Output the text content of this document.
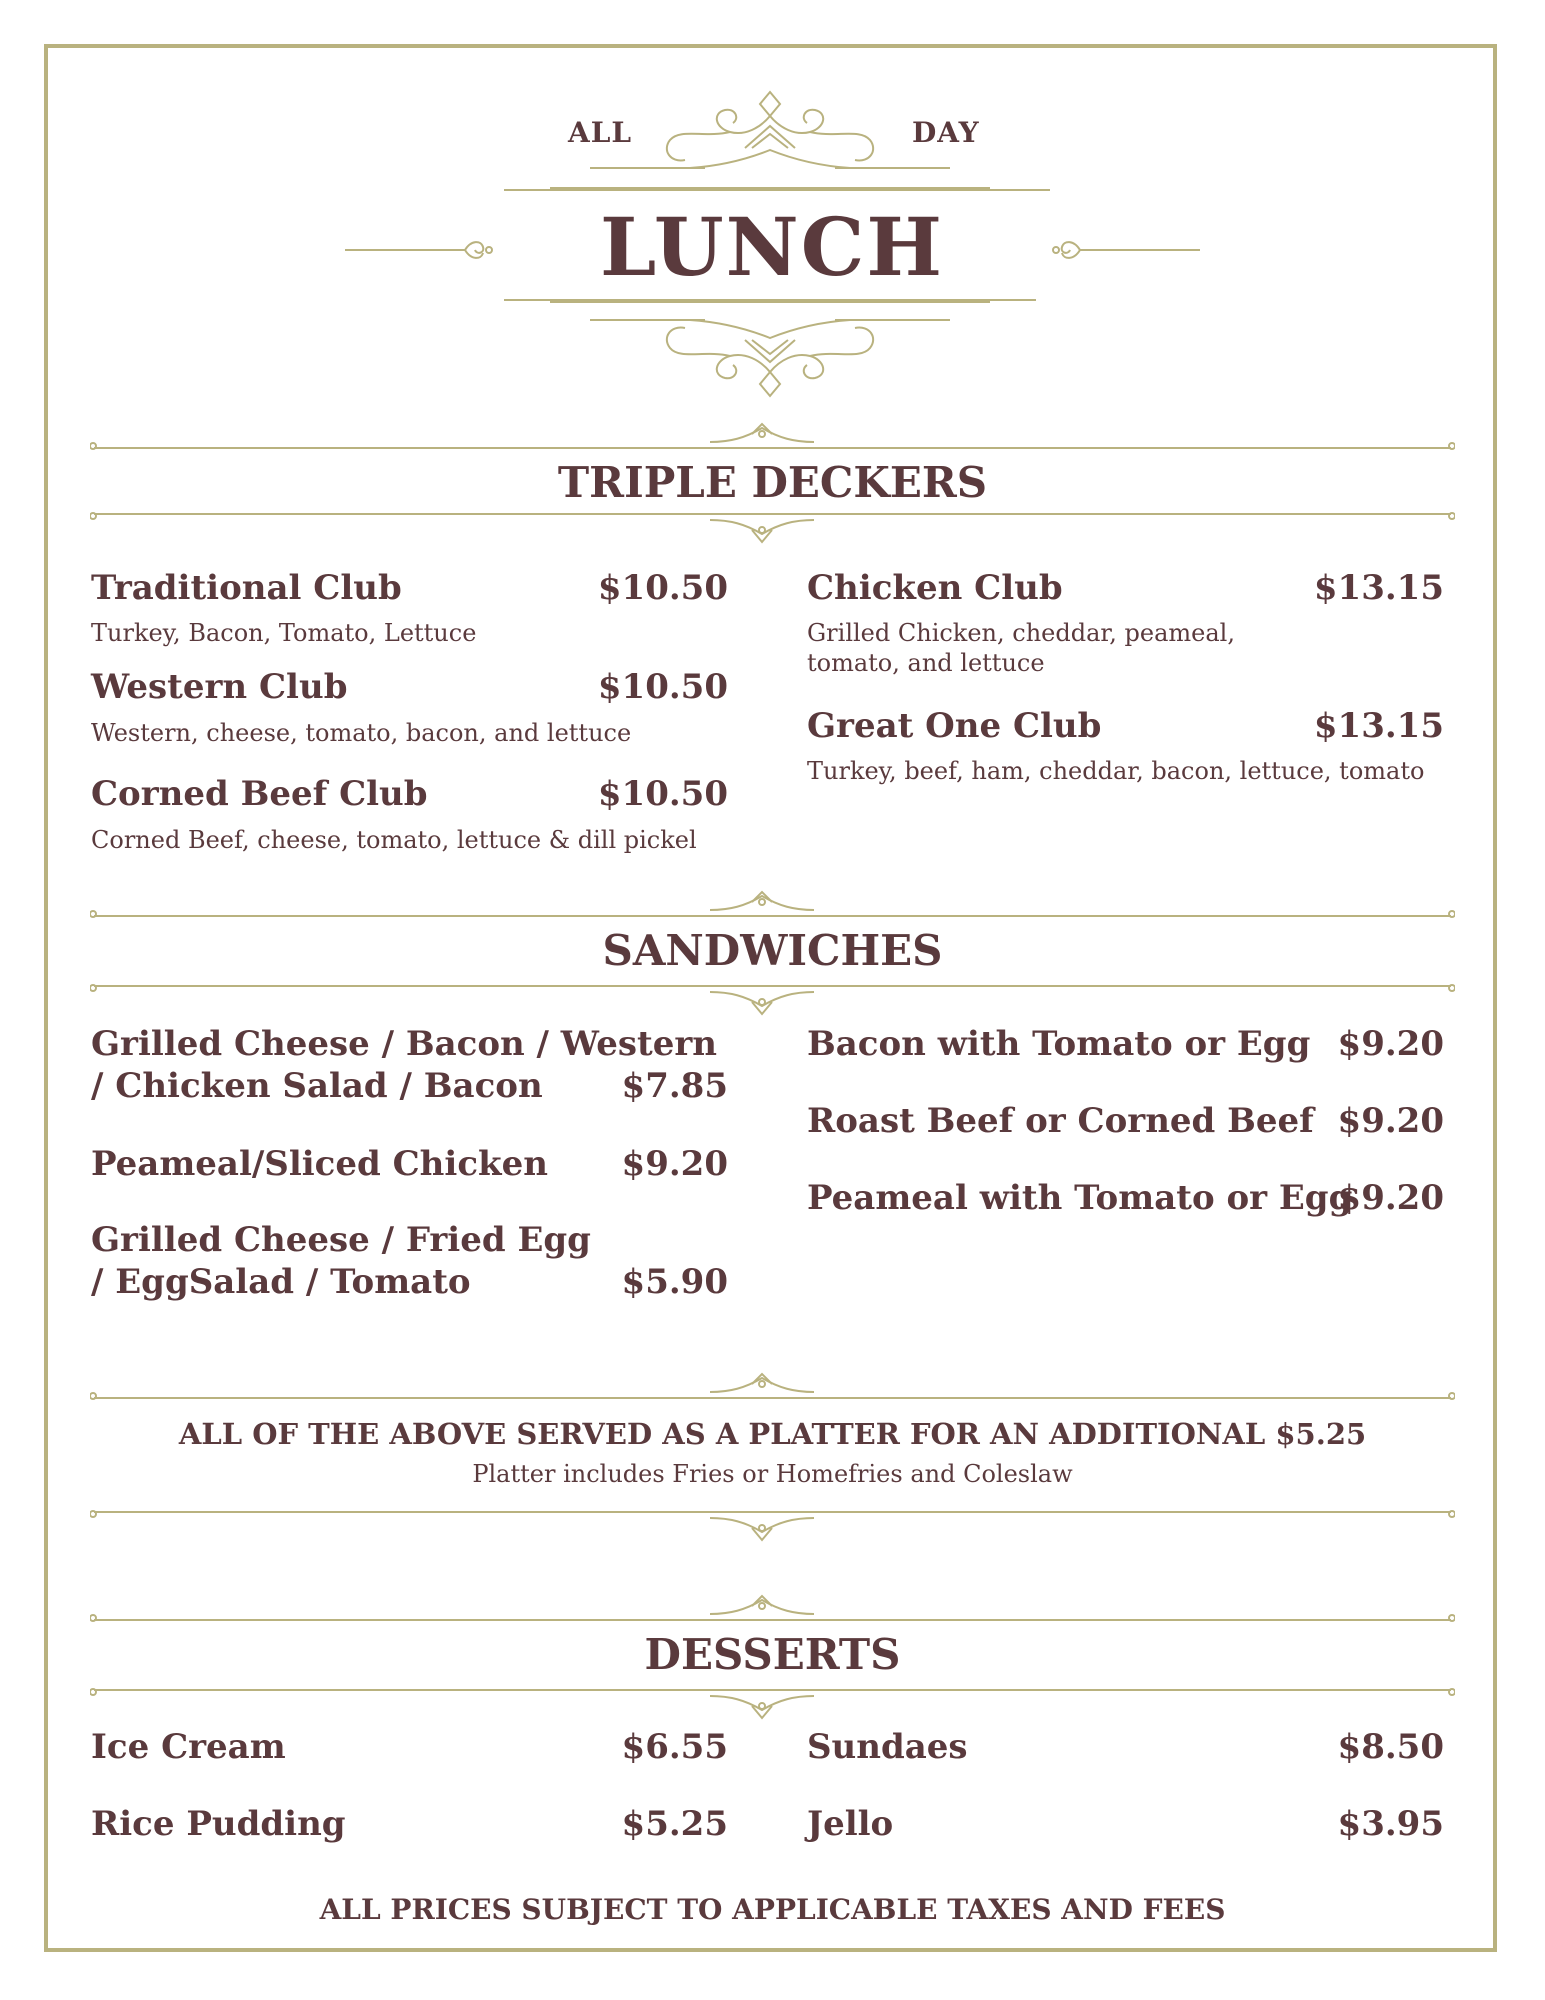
ALL	DAY
LUNCH
TRIPLE DECKERS
Traditional Club	$10.50
Turkey, Bacon, Tomato, Lettuce
Western Club	$10.50
Western, cheese, tomato, bacon, and lettuce
Corned Beef Club	$10.50
Corned Beef, cheese, tomato, lettuce & dill pickel
Chicken Club	$13.15
Grilled Chicken, cheddar, peameal,
tomato, and lettuce
Great One Club	$13.15
Turkey, beef, ham, cheddar, bacon, lettuce, tomato
SANDWICHES
Grilled Cheese / Bacon / Western
/ Chicken Salad / Bacon	$7.85
Peameal/Sliced Chicken	$9.20
Grilled Cheese / Fried Egg
/ EggSalad / Tomato	$5.90
Bacon with Tomato or Egg $9.20
Roast Beef or Corned Beef $9.20
Peameal with Tomato or Egg
$9.20
ALL OF THE ABOVE SERVED AS A PLATTER FOR AN ADDITIONAL $5.25
Platter includes Fries or Homefries and Coleslaw
DESSERTS
Ice Cream	$6.55
Rice Pudding	$5.25
Sundaes	$8.50
Jello	$3.95
ALL PRICES SUBJECT TO APPLICABLE TAXES AND FEES
